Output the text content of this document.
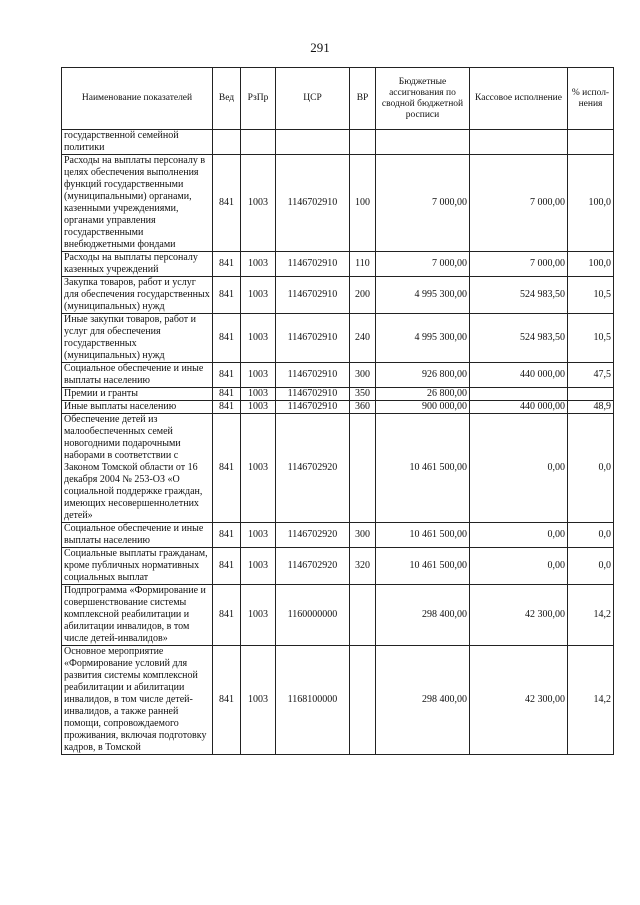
291
Наименование показателей	Вед	РзПр	ЦСР	ВР	Бюджетные ассигнования по сводной бюджетной росписи	Кассовое исполнение	% испол-нения
государственной семейной политики							
Расходы на выплаты персоналу в целях обеспечения выполнения функций государственными (муниципальными) органами, казенными учреждениями, органами управления государственными внебюджетными фондами	841	1003	1146702910	100	7 000,00	7 000,00	100,0
Расходы на выплаты персоналу казенных учреждений	841	1003	1146702910	110	7 000,00	7 000,00	100,0
Закупка товаров, работ и услуг для обеспечения государственных (муниципальных) нужд	841	1003	1146702910	200	4 995 300,00	524 983,50	10,5
Иные закупки товаров, работ и услуг для обеспечения государственных (муниципальных) нужд	841	1003	1146702910	240	4 995 300,00	524 983,50	10,5
Социальное обеспечение и иные выплаты населению	841	1003	1146702910	300	926 800,00	440 000,00	47,5
Премии и гранты	841	1003	1146702910	350	26 800,00		
Иные выплаты населению	841	1003	1146702910	360	900 000,00	440 000,00	48,9
Обеспечение детей из малообеспеченных семей новогодними подарочными наборами в соответствии с Законом Томской области от 16 декабря 2004 № 253-ОЗ «О социальной поддержке граждан, имеющих несовершеннолетних детей»	841	1003	1146702920		10 461 500,00	0,00	0,0
Социальное обеспечение и иные выплаты населению	841	1003	1146702920	300	10 461 500,00	0,00	0,0
Социальные выплаты гражданам, кроме публичных нормативных социальных выплат	841	1003	1146702920	320	10 461 500,00	0,00	0,0
Подпрограмма «Формирование и совершенствование системы комплексной реабилитации и абилитации инвалидов, в том числе детей-инвалидов»	841	1003	1160000000		298 400,00	42 300,00	14,2
Основное мероприятие «Формирование условий для развития системы комплексной реабилитации и абилитации инвалидов, в том числе детей-инвалидов, а также ранней помощи, сопровождаемого проживания, включая подготовку кадров, в Томской	841	1003	1168100000		298 400,00	42 300,00	14,2
